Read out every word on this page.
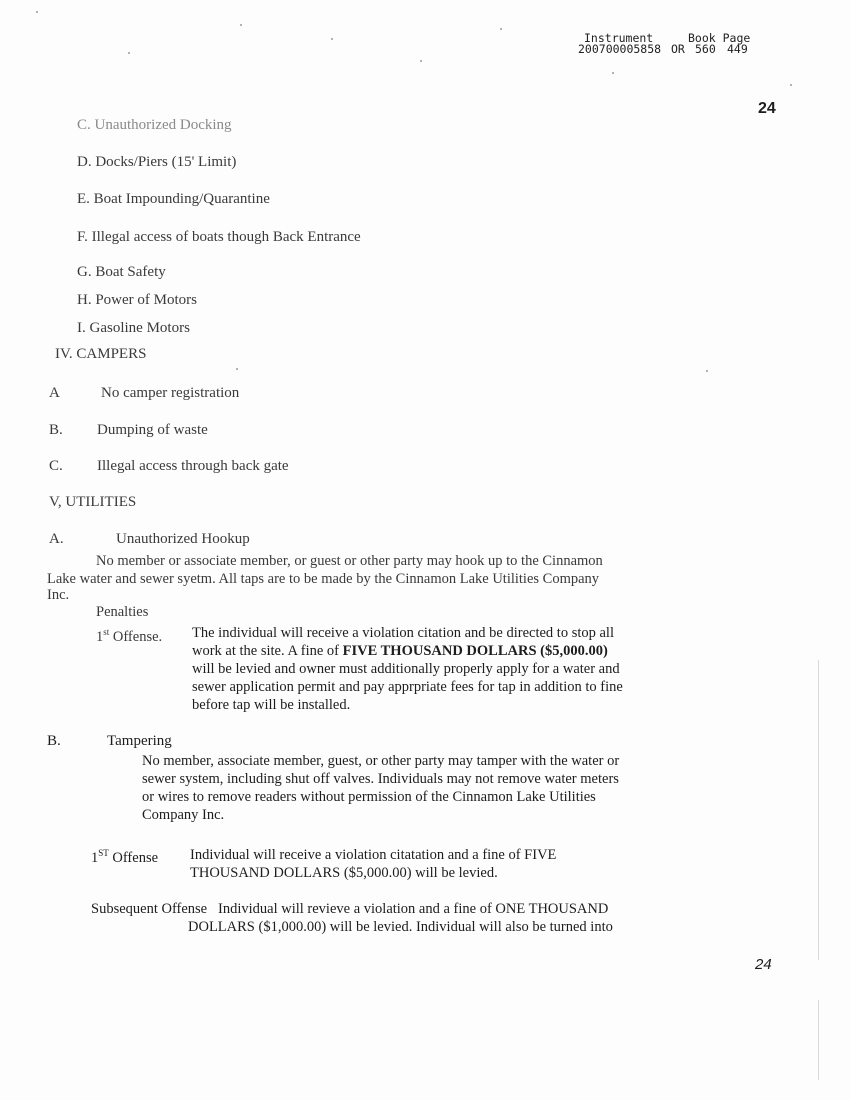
Instrument	Book Page
200700005858 OR 560 449
24
C. Unauthorized Docking
D. Docks/Piers (15' Limit)
E. Boat Impounding/Quarantine
F. Illegal access of boats though Back Entrance
G. Boat Safety
H. Power of Motors
I. Gasoline Motors
IV. CAMPERS
A	No camper registration
B. Dumping of waste
C. Illegal access through back gate
V, UTILITIES
A.	Unauthorized Hookup
No member or associate member, or guest or other party may hook up to the Cinnamon
Lake water and sewer syetm. All taps are to be made by the Cinnamon Lake Utilities Company
Inc.
Penalties
1st Offense. The individual will receive a violation citation and be directed to stop all
work at the site. A fine of FIVE THOUSAND DOLLARS ($5,000.00)
will be levied and owner must additionally properly apply for a water and
sewer application permit and pay apprpriate fees for tap in addition to fine
before tap will be installed.
B.	Tampering
No member, associate member, guest, or other party may tamper with the water or
sewer system, including shut off valves. Individuals may not remove water meters
or wires to remove readers without permission of the Cinnamon Lake Utilities
Company Inc.
1ST Offense Individual will receive a violation citatation and a fine of FIVE
THOUSAND DOLLARS ($5,000.00) will be levied.
Subsequent Offense Individual will revieve a violation and a fine of ONE THOUSAND
DOLLARS ($1,000.00) will be levied. Individual will also be turned into
24
